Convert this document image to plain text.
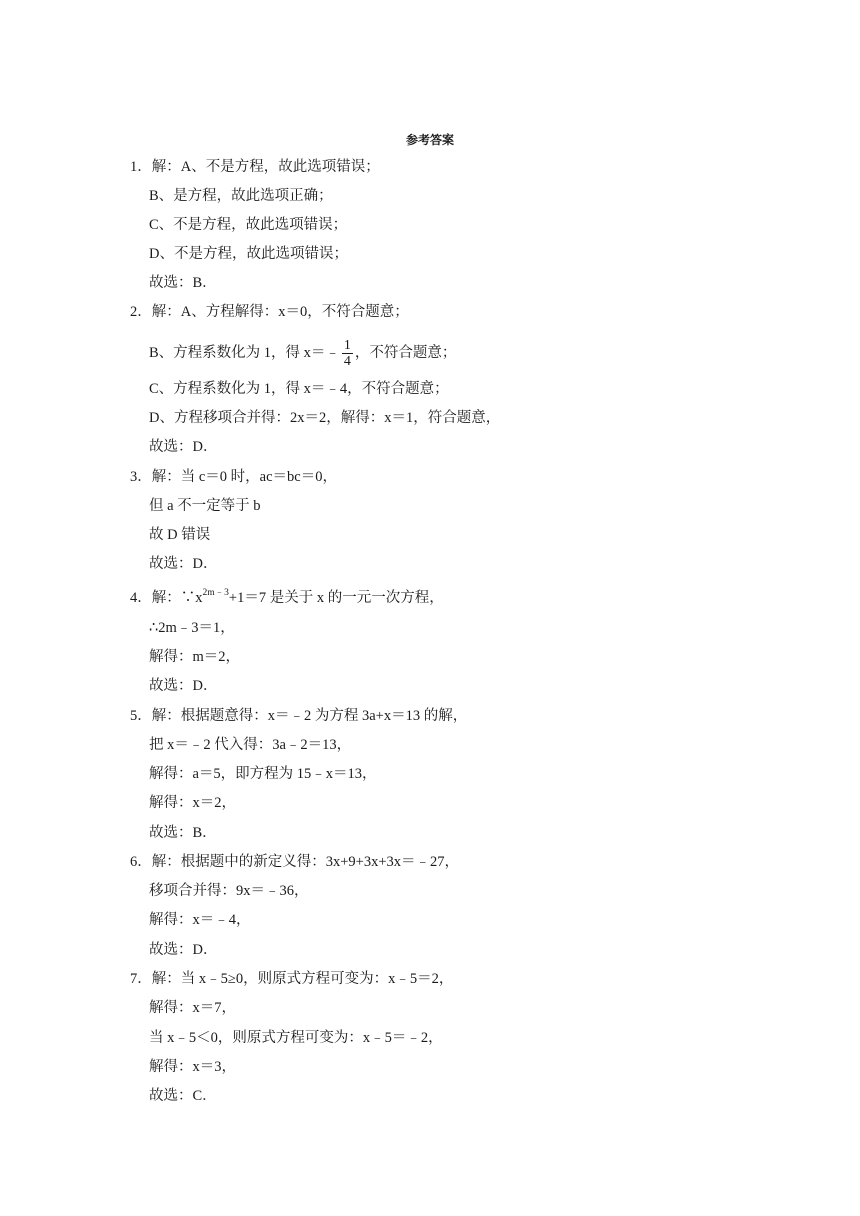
参考答案
1．解：A、不是方程，故此选项错误；
B、是方程，故此选项正确；
C、不是方程，故此选项错误；
D、不是方程，故此选项错误；
故选：B．
2．解：A、方程解得：x＝0，不符合题意；
B、方程系数化为 1，得 x＝﹣ $\frac{1}{4}$ ，不符合题意；
C、方程系数化为 1，得 x＝﹣4，不符合题意；
D、方程移项合并得：2x＝2，解得：x＝1，符合题意，
故选：D．
3．解：当 c＝0 时，ac＝bc＝0，
但 a 不一定等于 b
故 D 错误
故选：D．
4．解：$\because x^{2m﹣3}+1=7$ 是关于 x 的一元一次方程，
∴2m﹣3＝1，
解得：m＝2，
故选：D．
5．解：根据题意得：x＝﹣2 为方程 3a+x＝13 的解，
把 x＝﹣2 代入得：3a﹣2＝13，
解得：a＝5，即方程为 15﹣x＝13，
解得：x＝2，
故选：B．
6．解：根据题中的新定义得：3x+9+3x+3x＝﹣27，
移项合并得：9x＝﹣36，
解得：x＝﹣4，
故选：D．
7．解：当 x﹣5≥0，则原式方程可变为：x﹣5＝2，
解得：x＝7，
当 x﹣5＜0，则原式方程可变为：x﹣5＝﹣2，
解得：x＝3，
故选：C．
